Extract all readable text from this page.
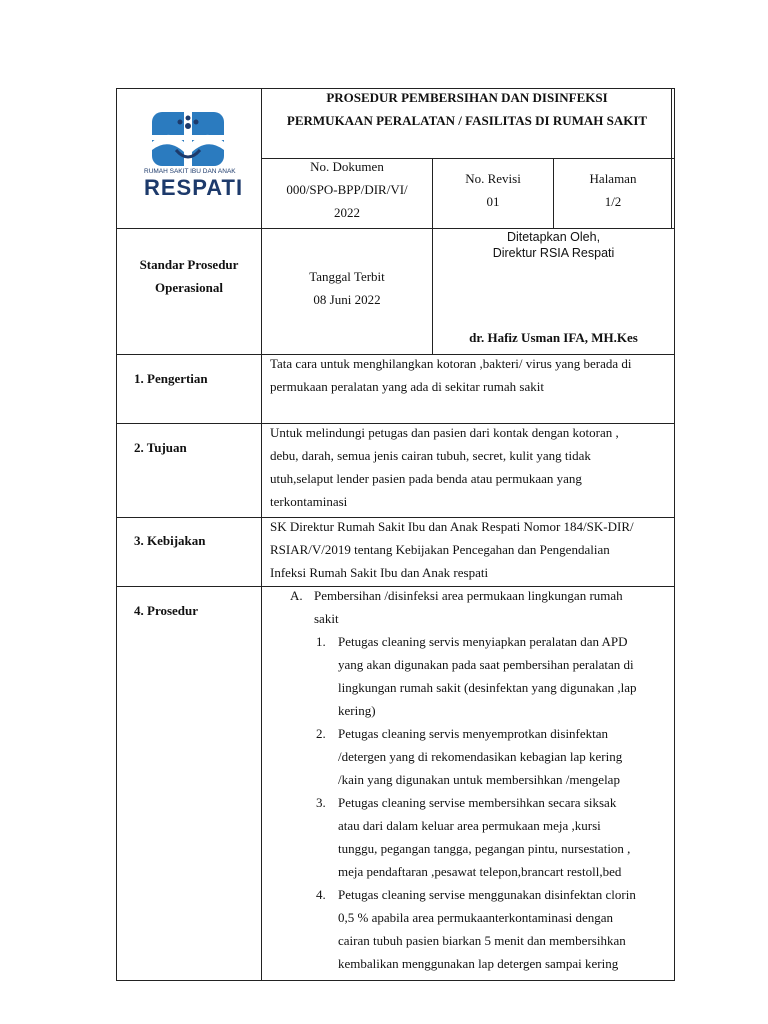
RUMAH SAKIT IBU DAN ANAK
RESPATI
PROSEDUR PEMBERSIHAN DAN DISINFEKSI
PERMUKAAN PERALATAN / FASILITAS DI RUMAH SAKIT
No. Dokumen
000/SPO-BPP/DIR/VI/
2022
No. Revisi
01
Halaman
1/2
Standar Prosedur
Operasional
Tanggal Terbit
08 Juni 2022
Ditetapkan Oleh,
Direktur RSIA Respati
dr. Hafiz Usman IFA, MH.Kes
1. Pengertian
Tata cara untuk menghilangkan kotoran ,bakteri/ virus yang berada di
permukaan peralatan yang ada di sekitar rumah sakit
2. Tujuan
Untuk melindungi petugas dan pasien dari kontak dengan kotoran ,
debu, darah, semua jenis cairan tubuh, secret, kulit yang tidak
utuh,selaput lender pasien pada benda atau permukaan yang
terkontaminasi
3. Kebijakan
SK Direktur Rumah Sakit Ibu dan Anak Respati Nomor 184/SK-DIR/
RSIAR/V/2019 tentang Kebijakan Pencegahan dan Pengendalian
Infeksi Rumah Sakit Ibu dan Anak respati
4. Prosedur
A. Pembersihan /disinfeksi area permukaan lingkungan rumah
sakit
1. Petugas cleaning servis menyiapkan peralatan dan APD
yang akan digunakan pada saat pembersihan peralatan di
lingkungan rumah sakit (desinfektan yang digunakan ,lap
kering)
2. Petugas cleaning servis menyemprotkan disinfektan
/detergen yang di rekomendasikan kebagian lap kering
/kain yang digunakan untuk membersihkan /mengelap
3. Petugas cleaning servise membersihkan secara siksak
atau dari dalam keluar area permukaan meja ,kursi
tunggu, pegangan tangga, pegangan pintu, nursestation ,
meja pendaftaran ,pesawat telepon,brancart restoll,bed
4. Petugas cleaning servise menggunakan disinfektan clorin
0,5 % apabila area permukaanterkontaminasi dengan
cairan tubuh pasien biarkan 5 menit dan membersihkan
kembalikan menggunakan lap detergen sampai kering
